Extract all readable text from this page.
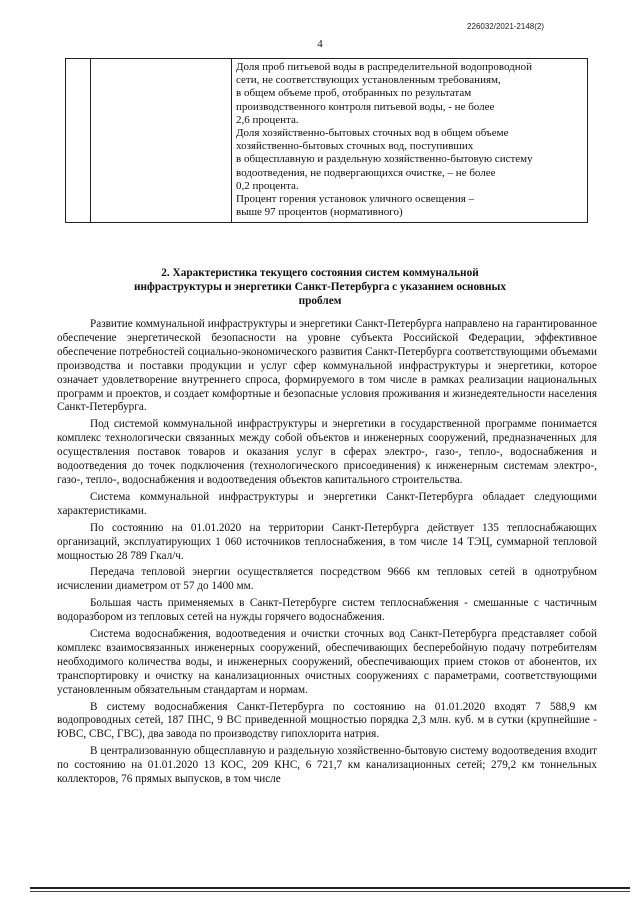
226032/2021-2148(2)
4

Доля проб питьевой воды в распределительной водопроводной
сети, не соответствующих установленным требованиям,
в общем объеме проб, отобранных по результатам
производственного контроля питьевой воды, - не более
2,6 процента.
Доля хозяйственно-бытовых сточных вод в общем объеме
хозяйственно-бытовых сточных вод, поступивших
в общесплавную и раздельную хозяйственно-бытовую систему
водоотведения, не подвергающихся очистке, – не более
0,2 процента.
Процент горения установок уличного освещения –
выше 97 процентов (нормативного)
2. Характеристика текущего состояния систем коммунальной инфраструктуры и энергетики Санкт-Петербурга с указанием основных проблем

Развитие коммунальной инфраструктуры и энергетики Санкт-Петербурга направлено на гарантированное обеспечение энергетической безопасности на уровне субъекта Российской Федерации, эффективное обеспечение потребностей социально-экономического развития Санкт-Петербурга соответствующими объемами производства и поставки продукции и услуг сфер коммунальной инфраструктуры и энергетики, которое означает удовлетворение внутреннего спроса, формируемого в том числе в рамках реализации национальных программ и проектов, и создает комфортные и безопасные условия проживания и жизнедеятельности населения Санкт-Петербурга.

Под системой коммунальной инфраструктуры и энергетики в государственной программе понимается комплекс технологически связанных между собой объектов и инженерных сооружений, предназначенных для осуществления поставок товаров и оказания услуг в сферах электро-, газо-, тепло-, водоснабжения и водоотведения до точек подключения (технологического присоединения) к инженерным системам электро-, газо-, тепло-, водоснабжения и водоотведения объектов капитального строительства.

Система коммунальной инфраструктуры и энергетики Санкт-Петербурга обладает следующими характеристиками.

По состоянию на 01.01.2020 на территории Санкт-Петербурга действует 135 теплоснабжающих организаций, эксплуатирующих 1 060 источников теплоснабжения, в том числе 14 ТЭЦ, суммарной тепловой мощностью 28 789 Гкал/ч.

Передача тепловой энергии осуществляется посредством 9666 км тепловых сетей в однотрубном исчислении диаметром от 57 до 1400 мм.

Большая часть применяемых в Санкт-Петербурге систем теплоснабжения - смешанные с частичным водоразбором из тепловых сетей на нужды горячего водоснабжения.

Система водоснабжения, водоотведения и очистки сточных вод Санкт-Петербурга представляет собой комплекс взаимосвязанных инженерных сооружений, обеспечивающих бесперебойную подачу потребителям необходимого количества воды, и инженерных сооружений, обеспечивающих прием стоков от абонентов, их транспортировку и очистку на канализационных очистных сооружениях с параметрами, соответствующими установленным обязательным стандартам и нормам.

В систему водоснабжения Санкт-Петербурга по состоянию на 01.01.2020 входят 7 588,9 км водопроводных сетей, 187 ПНС, 9 ВС приведенной мощностью порядка 2,3 млн. куб. м в сутки (крупнейшие - ЮВС, СВС, ГВС), два завода по производству гипохлорита натрия.

В централизованную общесплавную и раздельную хозяйственно-бытовую систему водоотведения входит по состоянию на 01.01.2020 13 КОС, 209 КНС, 6 721,7 км канализационных сетей; 279,2 км тоннельных коллекторов, 76 прямых выпусков, в том числе
